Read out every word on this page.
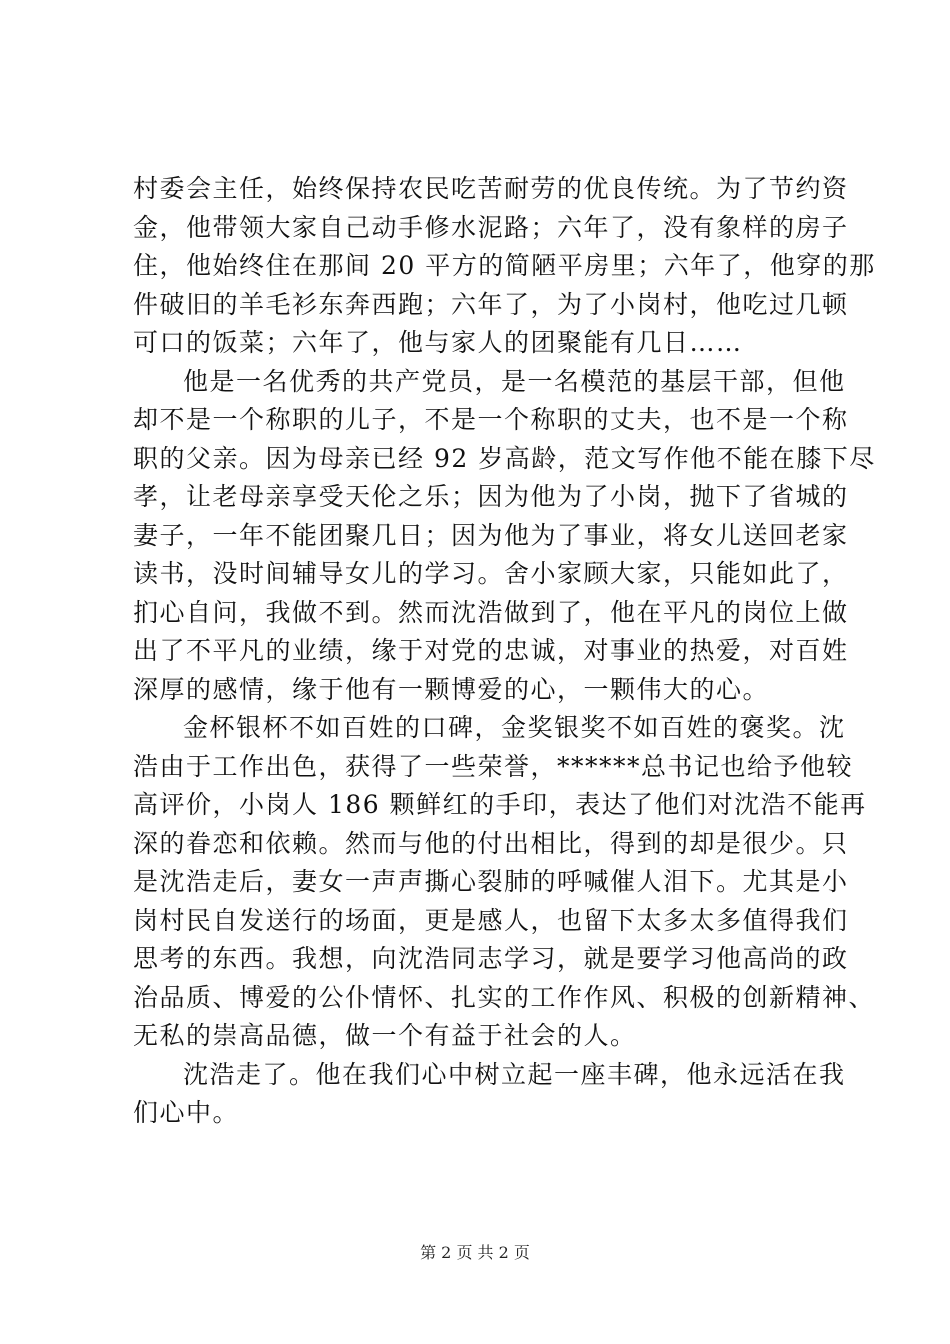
村委会主任，始终保持农民吃苦耐劳的优良传统。为了节约资
金，他带领大家自己动手修水泥路；六年了，没有象样的房子
住，他始终住在那间 20 平方的简陋平房里；六年了，他穿的那
件破旧的羊毛衫东奔西跑；六年了，为了小岗村，他吃过几顿
可口的饭菜；六年了，他与家人的团聚能有几日……
他是一名优秀的共产党员，是一名模范的基层干部，但他
却不是一个称职的儿子，不是一个称职的丈夫，也不是一个称
职的父亲。因为母亲已经 92 岁高龄，范文写作他不能在膝下尽
孝，让老母亲享受天伦之乐；因为他为了小岗，抛下了省城的
妻子，一年不能团聚几日；因为他为了事业，将女儿送回老家
读书，没时间辅导女儿的学习。舍小家顾大家，只能如此了，
扪心自问，我做不到。然而沈浩做到了，他在平凡的岗位上做
出了不平凡的业绩，缘于对党的忠诚，对事业的热爱，对百姓
深厚的感情，缘于他有一颗博爱的心，一颗伟大的心。
金杯银杯不如百姓的口碑，金奖银奖不如百姓的褒奖。沈
浩由于工作出色，获得了一些荣誉，******总书记也给予他较
高评价，小岗人 186 颗鲜红的手印，表达了他们对沈浩不能再
深的眷恋和依赖。然而与他的付出相比，得到的却是很少。只
是沈浩走后，妻女一声声撕心裂肺的呼喊催人泪下。尤其是小
岗村民自发送行的场面，更是感人，也留下太多太多值得我们
思考的东西。我想，向沈浩同志学习，就是要学习他高尚的政
治品质、博爱的公仆情怀、扎实的工作作风、积极的创新精神、
无私的崇高品德，做一个有益于社会的人。
沈浩走了。他在我们心中树立起一座丰碑，他永远活在我
们心中。
第 2 页 共 2 页
